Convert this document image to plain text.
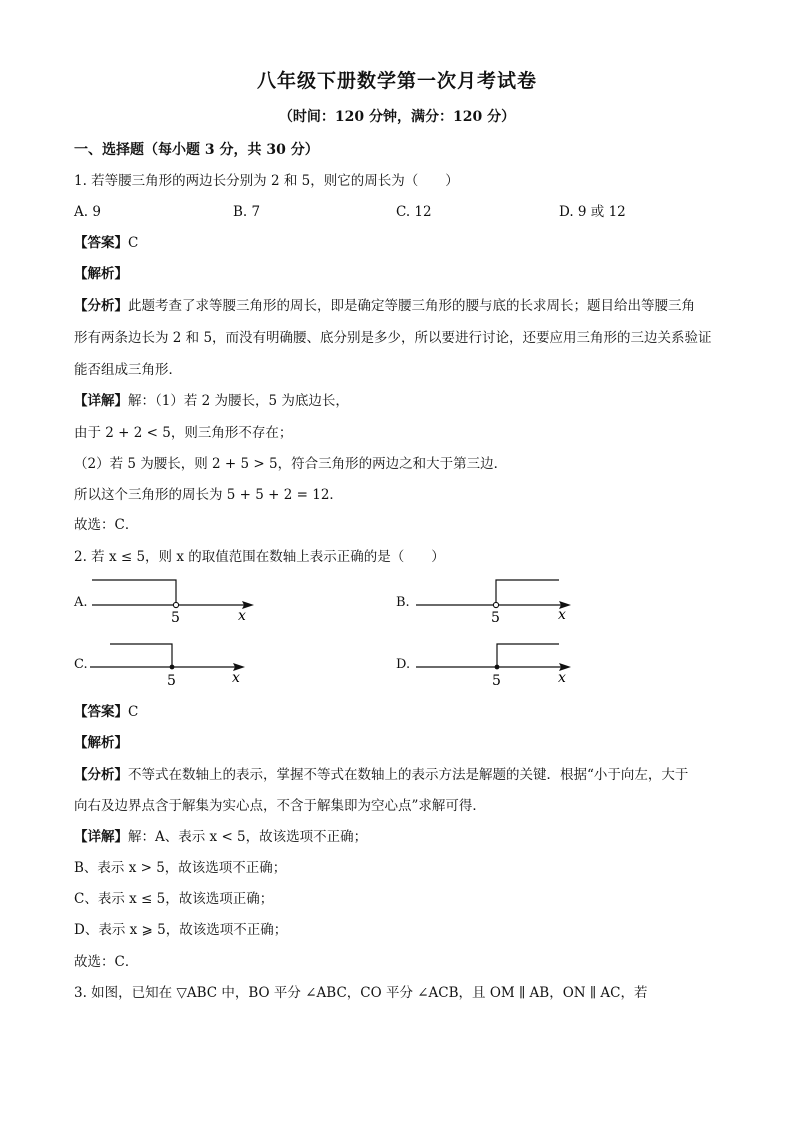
八年级下册数学第一次月考试卷
（时间：120 分钟，满分：120 分）
一、选择题（每小题 3 分，共 30 分）
1. 若等腰三角形的两边长分别为 2 和 5，则它的周长为（　　）
A. 9	B. 7	C. 12	D. 9 或 12
【答案】C
【解析】
【分析】此题考查了求等腰三角形的周长，即是确定等腰三角形的腰与底的长求周长；题目给出等腰三角
形有两条边长为 2 和 5，而没有明确腰、底分别是多少，所以要进行讨论，还要应用三角形的三边关系验证
能否组成三角形．
【详解】解：（1）若 2 为腰长，5 为底边长，
由于 2 + 2 < 5，则三角形不存在；
（2）若 5 为腰长，则 2 + 5 > 5，符合三角形的两边之和大于第三边．
所以这个三角形的周长为 5 + 5 + 2 = 12．
故选：C．
2. 若 x ≤ 5，则 x 的取值范围在数轴上表示正确的是（　　）
A.
5	x
B.
5	x
C.
5	x
D.
5	x
【答案】C
【解析】
【分析】不等式在数轴上的表示，掌握不等式在数轴上的表示方法是解题的关键．根据“小于向左，大于
向右及边界点含于解集为实心点，不含于解集即为空心点”求解可得．
【详解】解：A、表示 x < 5，故该选项不正确；
B、表示 x > 5，故该选项不正确；
C、表示 x ≤ 5，故该选项正确；
D、表示 x ⩾ 5，故该选项不正确；
故选：C．
3. 如图，已知在 ▽ABC 中，BO 平分 ∠ABC，CO 平分 ∠ACB，且 OM ∥ AB，ON ∥ AC，若
